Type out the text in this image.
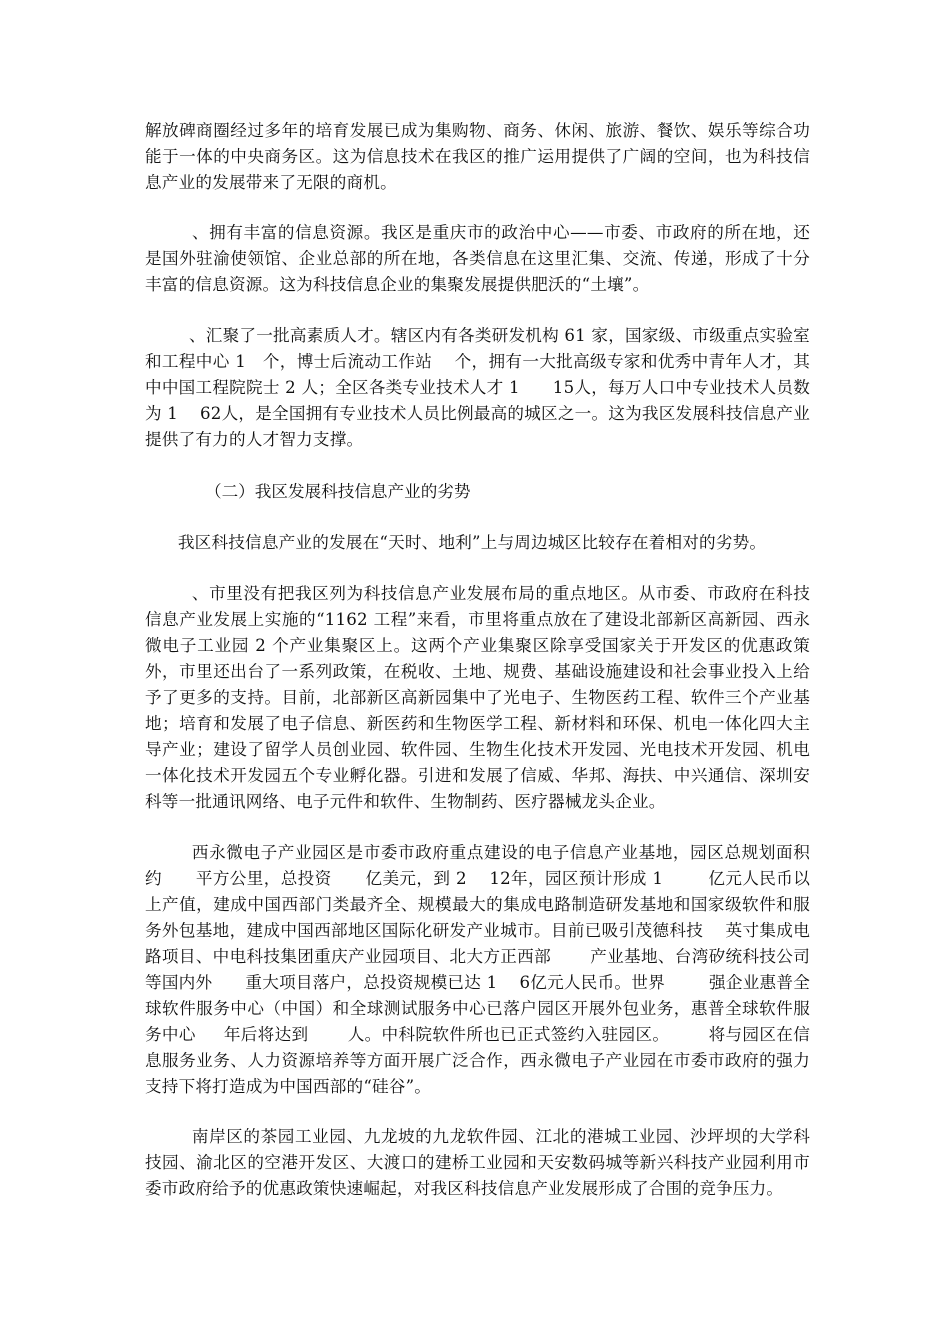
解放碑商圈经过多年的培育发展已成为集购物、商务、休闲、旅游、餐饮、娱乐等综合功能于一体的中央商务区。这为信息技术在我区的推广运用提供了广阔的空间，也为科技信息产业的发展带来了无限的商机。

、拥有丰富的信息资源。我区是重庆市的政治中心——市委、市政府的所在地，还是国外驻渝使领馆、企业总部的所在地，各类信息在这里汇集、交流、传递，形成了十分丰富的信息资源。这为科技信息企业的集聚发展提供肥沃的“土壤”。

、汇聚了一批高素质人才。辖区内有各类研发机构 61 家，国家级、市级重点实验室和工程中心 1   个，博士后流动工作站    个，拥有一大批高级专家和优秀中青年人才，其中中国工程院院士 2 人；全区各类专业技术人才 1      15人，每万人口中专业技术人员数为 1    62人，是全国拥有专业技术人员比例最高的城区之一。这为我区发展科技信息产业提供了有力的人才智力支撑。

（二）我区发展科技信息产业的劣势

我区科技信息产业的发展在“天时、地利”上与周边城区比较存在着相对的劣势。

、市里没有把我区列为科技信息产业发展布局的重点地区。从市委、市政府在科技信息产业发展上实施的“1162 工程”来看，市里将重点放在了建设北部新区高新园、西永微电子工业园 2 个产业集聚区上。这两个产业集聚区除享受国家关于开发区的优惠政策外，市里还出台了一系列政策，在税收、土地、规费、基础设施建设和社会事业投入上给予了更多的支持。目前，北部新区高新园集中了光电子、生物医药工程、软件三个产业基地；培育和发展了电子信息、新医药和生物医学工程、新材料和环保、机电一体化四大主导产业；建设了留学人员创业园、软件园、生物生化技术开发园、光电技术开发园、机电一体化技术开发园五个专业孵化器。引进和发展了信威、华邦、海扶、中兴通信、深圳安科等一批通讯网络、电子元件和软件、生物制药、医疗器械龙头企业。

西永微电子产业园区是市委市政府重点建设的电子信息产业基地，园区总规划面积约      平方公里，总投资      亿美元，到 2    12年，园区预计形成 1        亿元人民币以上产值，建成中国西部门类最齐全、规模最大的集成电路制造研发基地和国家级软件和服务外包基地，建成中国西部地区国际化研发产业城市。目前已吸引茂德科技    英寸集成电路项目、中电科技集团重庆产业园项目、北大方正西部       产业基地、台湾矽统科技公司等国内外      重大项目落户，总投资规模已达 1    6亿元人民币。世界        强企业惠普全球软件服务中心（中国）和全球测试服务中心已落户园区开展外包业务，惠普全球软件服务中心     年后将达到       人。中科院软件所也已正式签约入驻园区。       将与园区在信息服务业务、人力资源培养等方面开展广泛合作，西永微电子产业园在市委市政府的强力支持下将打造成为中国西部的“硅谷”。

南岸区的茶园工业园、九龙坡的九龙软件园、江北的港城工业园、沙坪坝的大学科技园、渝北区的空港开发区、大渡口的建桥工业园和天安数码城等新兴科技产业园利用市委市政府给予的优惠政策快速崛起，对我区科技信息产业发展形成了合围的竞争压力。
